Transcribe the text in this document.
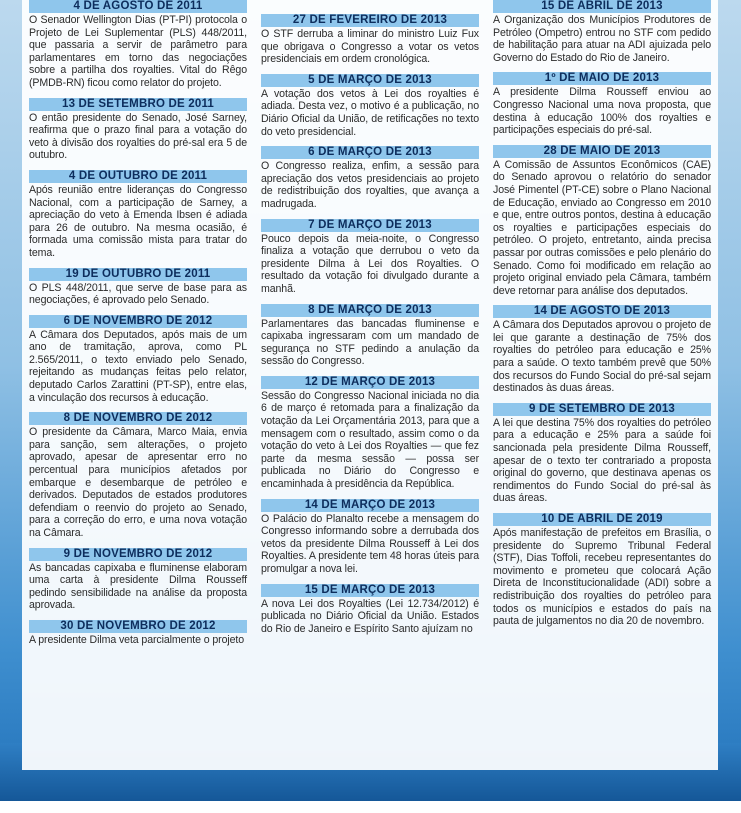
4 DE AGOSTO DE 2011
O Senador Wellington Dias (PT-PI) protocola o Projeto de Lei Suplementar (PLS) 448/2011, que passaria a servir de parâmetro para parlamentares em torno das negociações sobre a partilha dos royalties. Vital do Rêgo (PMDB-RN) ficou como relator do projeto.
13 DE SETEMBRO DE 2011
O então presidente do Senado, José Sarney, reafirma que o prazo final para a votação do veto à divisão dos royalties do pré-sal era 5 de outubro.
4 DE OUTUBRO DE 2011
Após reunião entre lideranças do Congresso Nacional, com a participação de Sarney, a apreciação do veto à Emenda Ibsen é adiada para 26 de outubro. Na mesma ocasião, é formada uma comissão mista para tratar do tema.
19 DE OUTUBRO DE 2011
O PLS 448/2011, que serve de base para as negociações, é aprovado pelo Senado.
6 DE NOVEMBRO DE 2012
A Câmara dos Deputados, após mais de um ano de tramitação, aprova, como PL 2.565/2011, o texto enviado pelo Senado, rejeitando as mudanças feitas pelo relator, deputado Carlos Zarattini (PT-SP), entre elas, a vinculação dos recursos à educação.
8 DE NOVEMBRO DE 2012
O presidente da Câmara, Marco Maia, envia para sanção, sem alterações, o projeto aprovado, apesar de apresentar erro no percentual para municípios afetados por embarque e desembarque de petróleo e derivados. Deputados de estados produtores defendiam o reenvio do projeto ao Senado, para a correção do erro, e uma nova votação na Câmara.
9 DE NOVEMBRO DE 2012
As bancadas capixaba e fluminense elaboram uma carta à presidente Dilma Rousseff pedindo sensibilidade na análise da proposta aprovada.
30 DE NOVEMBRO DE 2012
A presidente Dilma veta parcialmente o projeto
27 DE FEVEREIRO DE 2013
O STF derruba a liminar do ministro Luiz Fux que obrigava o Congresso a votar os vetos presidenciais em ordem cronológica.
5 DE MARÇO DE 2013
A votação dos vetos à Lei dos royalties é adiada. Desta vez, o motivo é a publicação, no Diário Oficial da União, de retificações no texto do veto presidencial.
6 DE MARÇO DE 2013
O Congresso realiza, enfim, a sessão para apreciação dos vetos presidenciais ao projeto de redistribuição dos royalties, que avança a madrugada.
7 DE MARÇO DE 2013
Pouco depois da meia-noite, o Congresso finaliza a votação que derrubou o veto da presidente Dilma à Lei dos Royalties. O resultado da votação foi divulgado durante a manhã.
8 DE MARÇO DE 2013
Parlamentares das bancadas fluminense e capixaba ingressaram com um mandado de segurança no STF pedindo a anulação da sessão do Congresso.
12 DE MARÇO DE 2013
Sessão do Congresso Nacional iniciada no dia 6 de março é retomada para a finalização da votação da Lei Orçamentária 2013, para que a mensagem com o resultado, assim como o da votação do veto à Lei dos Royalties — que fez parte da mesma sessão — possa ser publicada no Diário do Congresso e encaminhada à presidência da República.
14 DE MARÇO DE 2013
O Palácio do Planalto recebe a mensagem do Congresso informando sobre a derrubada dos vetos da presidente Dilma Rousseff à Lei dos Royalties. A presidente tem 48 horas úteis para promulgar a nova lei.
15 DE MARÇO DE 2013
A nova Lei dos Royalties (Lei 12.734/2012) é publicada no Diário Oficial da União. Estados do Rio de Janeiro e Espírito Santo ajuízam no
15 DE ABRIL DE 2013
A Organização dos Municípios Produtores de Petróleo (Ompetro) entrou no STF com pedido de habilitação para atuar na ADI ajuizada pelo Governo do Estado do Rio de Janeiro.
1º DE MAIO DE 2013
A presidente Dilma Rousseff enviou ao Congresso Nacional uma nova proposta, que destina à educação 100% dos royalties e participações especiais do pré-sal.
28 DE MAIO DE 2013
A Comissão de Assuntos Econômicos (CAE) do Senado aprovou o relatório do senador José Pimentel (PT-CE) sobre o Plano Nacional de Educação, enviado ao Congresso em 2010 e que, entre outros pontos, destina à educação os royalties e participações especiais do petróleo. O projeto, entretanto, ainda precisa passar por outras comissões e pelo plenário do Senado. Como foi modificado em relação ao projeto original enviado pela Câmara, também deve retornar para análise dos deputados.
14 DE AGOSTO DE 2013
A Câmara dos Deputados aprovou o projeto de lei que garante a destinação de 75% dos royalties do petróleo para educação e 25% para a saúde. O texto também prevê que 50% dos recursos do Fundo Social do pré-sal sejam destinados às duas áreas.
9 DE SETEMBRO DE 2013
A lei que destina 75% dos royalties do petróleo para a educação e 25% para a saúde foi sancionada pela presidente Dilma Rousseff, apesar de o texto ter contrariado a proposta original do governo, que destinava apenas os rendimentos do Fundo Social do pré-sal às duas áreas.
10 DE ABRIL DE 2019
Após manifestação de prefeitos em Brasília, o presidente do Supremo Tribunal Federal (STF), Dias Toffoli, recebeu representantes do movimento e prometeu que colocará Ação Direta de Inconstitucionalidade (ADI) sobre a redistribuição dos royalties do petróleo para todos os municípios e estados do país na pauta de julgamentos no dia 20 de novembro.
